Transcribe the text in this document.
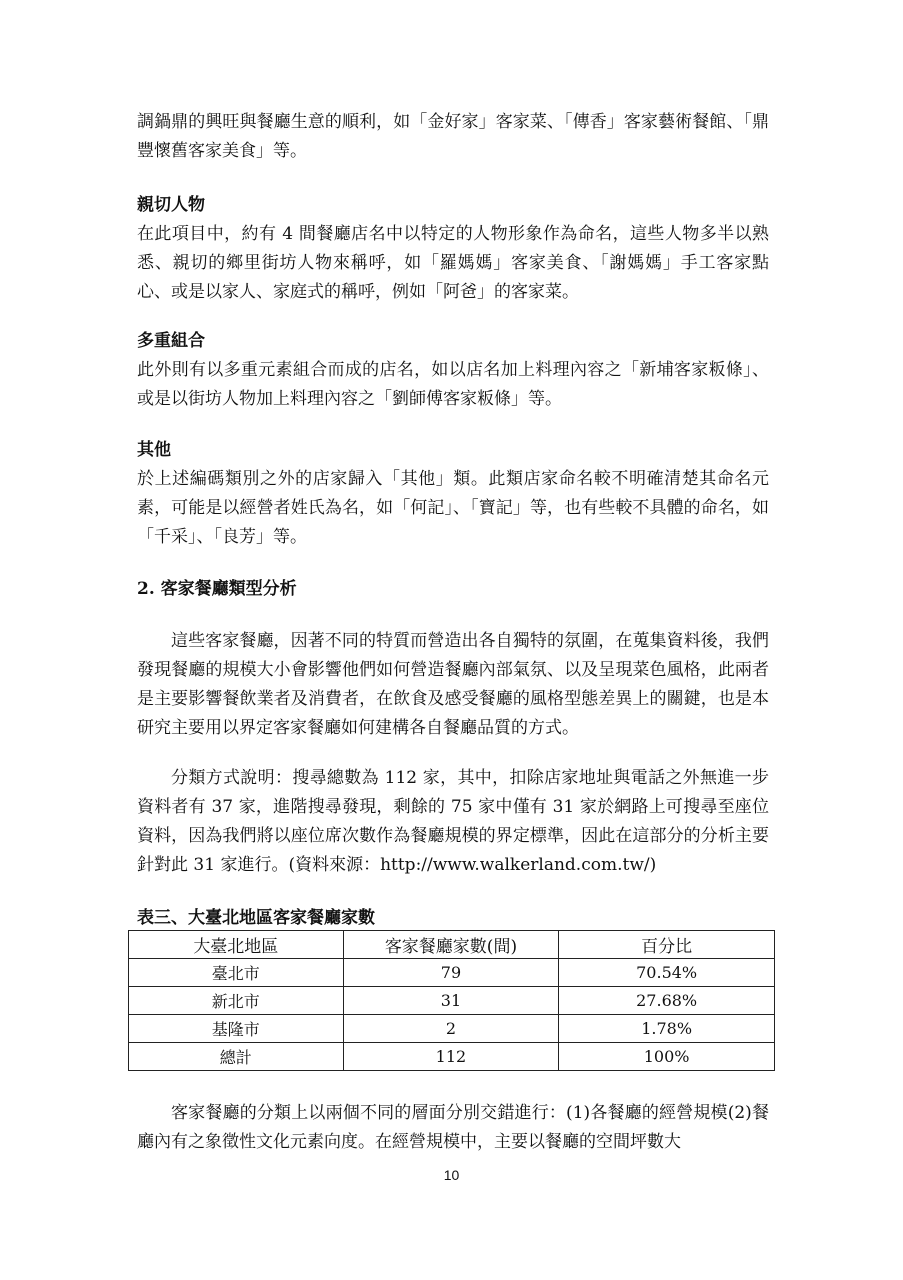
調鍋鼎的興旺與餐廳生意的順利，如「金好家」客家菜、「傳香」客家藝術餐館、「鼎豐懷舊客家美食」等。

親切人物

在此項目中，約有 4 間餐廳店名中以特定的人物形象作為命名，這些人物多半以熟悉、親切的鄉里街坊人物來稱呼，如「羅媽媽」客家美食、「謝媽媽」手工客家點心、或是以家人、家庭式的稱呼，例如「阿爸」的客家菜。

多重組合

此外則有以多重元素組合而成的店名，如以店名加上料理內容之「新埔客家粄條」、或是以街坊人物加上料理內容之「劉師傅客家粄條」等。

其他

於上述編碼類別之外的店家歸入「其他」類。此類店家命名較不明確清楚其命名元素，可能是以經營者姓氏為名，如「何記」、「寶記」等，也有些較不具體的命名，如「千采」、「良芳」等。

2. 客家餐廳類型分析

這些客家餐廳，因著不同的特質而營造出各自獨特的氛圍，在蒐集資料後，我們發現餐廳的規模大小會影響他們如何營造餐廳內部氣氛、以及呈現菜色風格，此兩者是主要影響餐飲業者及消費者，在飲食及感受餐廳的風格型態差異上的關鍵，也是本研究主要用以界定客家餐廳如何建構各自餐廳品質的方式。

分類方式說明：搜尋總數為 112 家，其中，扣除店家地址與電話之外無進一步資料者有 37 家，進階搜尋發現，剩餘的 75 家中僅有 31 家於網路上可搜尋至座位資料，因為我們將以座位席次數作為餐廳規模的界定標準，因此在這部分的分析主要針對此 31 家進行。(資料來源：http://www.walkerland.com.tw/)

表三、大臺北地區客家餐廳家數

大臺北地區	客家餐廳家數(間)	百分比
臺北市	79	70.54%
新北市	31	27.68%
基隆市	2	1.78%
總計	112	100%

客家餐廳的分類上以兩個不同的層面分別交錯進行：(1)各餐廳的經營規模(2)餐廳內有之象徵性文化元素向度。在經營規模中，主要以餐廳的空間坪數大

10
